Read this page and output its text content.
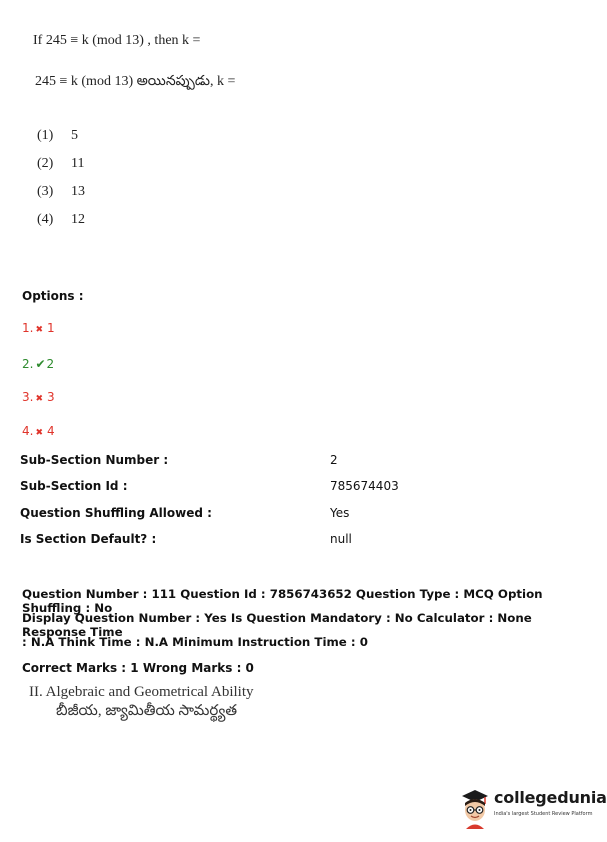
If 245 ≡ k (mod 13) , then k =
245 ≡ k (mod 13) అయినప్పుడు, k =
(1) 5
(2) 11
(3) 13
(4) 12
Options :
1. ✖ 1
2. ✔2
3. ✖ 3
4. ✖ 4
Sub-Section Number :	2
Sub-Section Id :	785674403
Question Shuffling Allowed :	Yes
Is Section Default? :	null
Question Number : 111 Question Id : 7856743652 Question Type : MCQ Option Shuffling : No
Display Question Number : Yes Is Question Mandatory : No Calculator : None Response Time
: N.A Think Time : N.A Minimum Instruction Time : 0
Correct Marks : 1 Wrong Marks : 0
II. Algebraic and Geometrical Ability
బీజీయ, జ్యామితీయ సామర్థ్యత
collegedunia
India's largest Student Review Platform
